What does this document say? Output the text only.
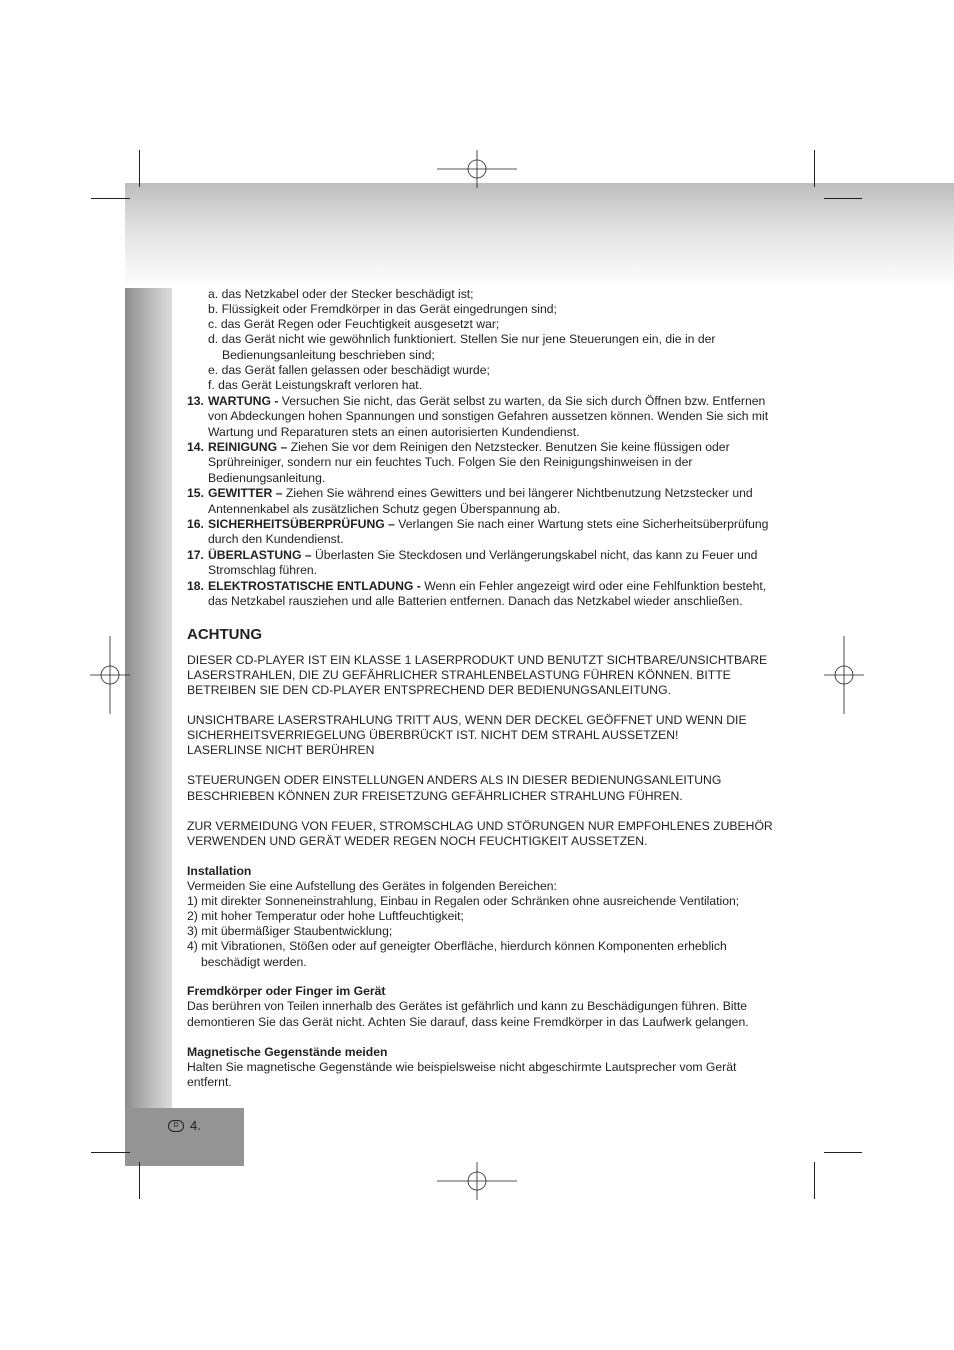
a. das Netzkabel oder der Stecker beschädigt ist;
b. Flüssigkeit oder Fremdkörper in das Gerät eingedrungen sind;
c. das Gerät Regen oder Feuchtigkeit ausgesetzt war;
d. das Gerät nicht wie gewöhnlich funktioniert. Stellen Sie nur jene Steuerungen ein, die in der
Bedienungsanleitung beschrieben sind;
e. das Gerät fallen gelassen oder beschädigt wurde;
f. das Gerät Leistungskraft verloren hat.
13. WARTUNG - Versuchen Sie nicht, das Gerät selbst zu warten, da Sie sich durch Öffnen bzw. Entfernen
von Abdeckungen hohen Spannungen und sonstigen Gefahren aussetzen können. Wenden Sie sich mit
Wartung und Reparaturen stets an einen autorisierten Kundendienst.
14. REINIGUNG – Ziehen Sie vor dem Reinigen den Netzstecker. Benutzen Sie keine flüssigen oder
Sprühreiniger, sondern nur ein feuchtes Tuch. Folgen Sie den Reinigungshinweisen in der
Bedienungsanleitung.
15. GEWITTER – Ziehen Sie während eines Gewitters und bei längerer Nichtbenutzung Netzstecker und
Antennenkabel als zusätzlichen Schutz gegen Überspannung ab.
16. SICHERHEITSÜBERPRÜFUNG – Verlangen Sie nach einer Wartung stets eine Sicherheitsüberprüfung
durch den Kundendienst.
17. ÜBERLASTUNG – Überlasten Sie Steckdosen und Verlängerungskabel nicht, das kann zu Feuer und
Stromschlag führen.
18. ELEKTROSTATISCHE ENTLADUNG - Wenn ein Fehler angezeigt wird oder eine Fehlfunktion besteht,
das Netzkabel rausziehen und alle Batterien entfernen. Danach das Netzkabel wieder anschließen.
ACHTUNG
DIESER CD-PLAYER IST EIN KLASSE 1 LASERPRODUKT UND BENUTZT SICHTBARE/UNSICHTBARE
LASERSTRAHLEN, DIE ZU GEFÄHRLICHER STRAHLENBELASTUNG FÜHREN KÖNNEN. BITTE
BETREIBEN SIE DEN CD-PLAYER ENTSPRECHEND DER BEDIENUNGSANLEITUNG.
UNSICHTBARE LASERSTRAHLUNG TRITT AUS, WENN DER DECKEL GEÖFFNET UND WENN DIE
SICHERHEITSVERRIEGELUNG ÜBERBRÜCKT IST. NICHT DEM STRAHL AUSSETZEN!
LASERLINSE NICHT BERÜHREN
STEUERUNGEN ODER EINSTELLUNGEN ANDERS ALS IN DIESER BEDIENUNGSANLEITUNG
BESCHRIEBEN KÖNNEN ZUR FREISETZUNG GEFÄHRLICHER STRAHLUNG FÜHREN.
ZUR VERMEIDUNG VON FEUER, STROMSCHLAG UND STÖRUNGEN NUR EMPFOHLENES ZUBEHÖR
VERWENDEN UND GERÄT WEDER REGEN NOCH FEUCHTIGKEIT AUSSETZEN.
Installation
Vermeiden Sie eine Aufstellung des Gerätes in folgenden Bereichen:
1) mit direkter Sonneneinstrahlung, Einbau in Regalen oder Schränken ohne ausreichende Ventilation;
2) mit hoher Temperatur oder hohe Luftfeuchtigkeit;
3) mit übermäßiger Staubentwicklung;
4) mit Vibrationen, Stößen oder auf geneigter Oberfläche, hierdurch können Komponenten erheblich
beschädigt werden.
Fremdkörper oder Finger im Gerät
Das berühren von Teilen innerhalb des Gerätes ist gefährlich und kann zu Beschädigungen führen. Bitte
demontieren Sie das Gerät nicht. Achten Sie darauf, dass keine Fremdkörper in das Laufwerk gelangen.
Magnetische Gegenstände meiden
Halten Sie magnetische Gegenstände wie beispielsweise nicht abgeschirmte Lautsprecher vom Gerät
entfernt.
D 4.
